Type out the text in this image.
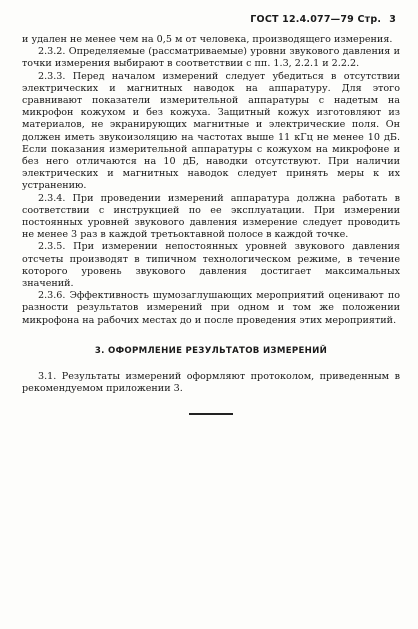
ГОСТ 12.4.077—79 Стр. 3

и удален не менее чем на 0,5 м от человека, производящего измерения.

2.3.2. Определяемые (рассматриваемые) уровни звукового давления и точки измерения выбирают в соответствии с пп. 1.3, 2.2.1 и 2.2.2.

2.3.3. Перед началом измерений следует убедиться в отсутствии электрических и магнитных наводок на аппаратуру. Для этого сравнивают показатели измерительной аппаратуры с надетым на микрофон кожухом и без кожуха. Защитный кожух изготовляют из материалов, не экранирующих магнитные и электрические поля. Он должен иметь звукоизоляцию на частотах выше 11 кГц не менее 10 дБ. Если показания измерительной аппаратуры с кожухом на микрофоне и без него отличаются на 10 дБ, наводки отсутствуют. При наличии электрических и магнитных наводок следует принять меры к их устранению.

2.3.4. При проведении измерений аппаратура должна работать в соответствии с инструкцией по ее эксплуатации. При измерении постоянных уровней звукового давления измерение следует проводить не менее 3 раз в каждой третьоктавной полосе в каждой точке.

2.3.5. При измерении непостоянных уровней звукового давления отсчеты производят в типичном технологическом режиме, в течение которого уровень звукового давления достигает максимальных значений.

2.3.6. Эффективность шумозаглушающих мероприятий оценивают по разности результатов измерений при одном и том же положении микрофона на рабочих местах до и после проведения этих мероприятий.

3. ОФОРМЛЕНИЕ РЕЗУЛЬТАТОВ ИЗМЕРЕНИЙ

3.1. Результаты измерений оформляют протоколом, приведенным в рекомендуемом приложении 3.
